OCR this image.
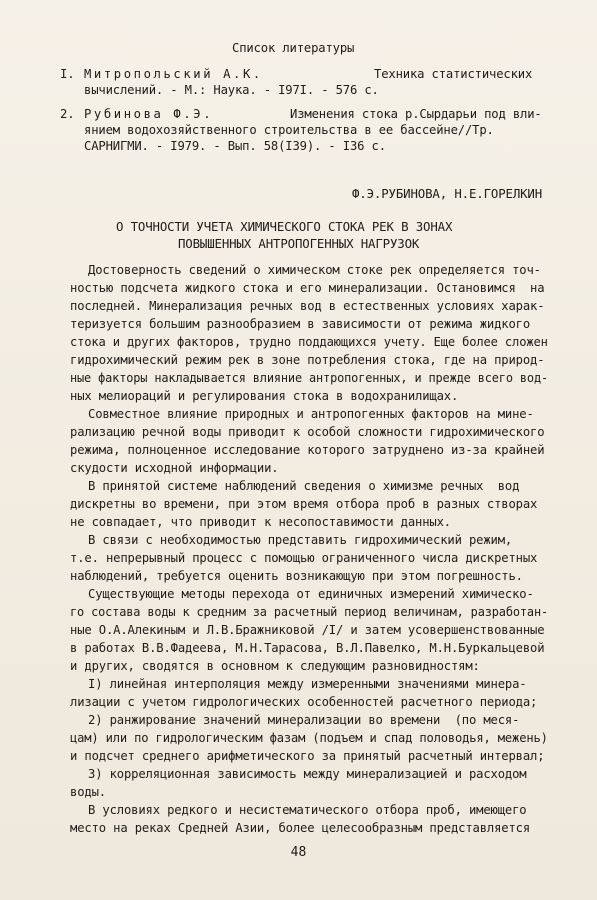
Список литературы
I. Митропольский А.К.	Техника статистических
вычислений. - М.: Наука. - I97I. - 576 с.
2. Рубинова Ф.Э.	Изменения стока р.Сырдарьи под вли-
янием водохозяйственного строительства в ее бассейне//Тр.
САРНИГМИ. - I979. - Вып. 58(I39). - I36 с.
Ф.Э.РУБИНОВА, Н.Е.ГОРЕЛКИН
О ТОЧНОСТИ УЧЕТА ХИМИЧЕСКОГО СТОКА РЕК В ЗОНАХ
ПОВЫШЕННЫХ АНТРОПОГЕННЫХ НАГРУЗОК
Достоверность сведений о химическом стоке рек определяется точ-
ностью подсчета жидкого стока и его минерализации. Остановимся  на
последней. Минерализация речных вод в естественных условиях харак-
теризуется большим разнообразием в зависимости от режима жидкого
стока и других факторов, трудно поддающихся учету. Еще более сложен
гидрохимический режим рек в зоне потребления стока, где на природ-
ные факторы накладывается влияние антропогенных, и прежде всего вод-
ных мелиораций и регулирования стока в водохранилищах.
Совместное влияние природных и антропогенных факторов на мине-
рализацию речной воды приводит к особой сложности гидрохимического
режима, полноценное исследование которого затруднено из-за крайней
скудости исходной информации.
В принятой системе наблюдений сведения о химизме речных  вод
дискретны во времени, при этом время отбора проб в разных створах
не совпадает, что приводит к несопоставимости данных.
В связи с необходимостью представить гидрохимический режим,
т.е. непрерывный процесс с помощью ограниченного числа дискретных
наблюдений, требуется оценить возникающую при этом погрешность.
Существующие методы перехода от единичных измерений химическо-
го состава воды к средним за расчетный период величинам, разработан-
ные О.А.Алекиным и Л.В.Бражниковой /I/ и затем усовершенствованные
в работах В.В.Фадеева, М.Н.Тарасова, В.Л.Павелко, М.Н.Буркальцевой
и других, сводятся в основном к следующим разновидностям:
I) линейная интерполяция между измеренными значениями минера-
лизации с учетом гидрологических особенностей расчетного периода;
2) ранжирование значений минерализации во времени  (по меся-
цам) или по гидрологическим фазам (подъем и спад половодья, межень)
и подсчет среднего арифметического за принятый расчетный интервал;
3) корреляционная зависимость между минерализацией и расходом
воды.
В условиях редкого и несистематического отбора проб, имеющего
место на реках Средней Азии, более целесообразным представляется
48
